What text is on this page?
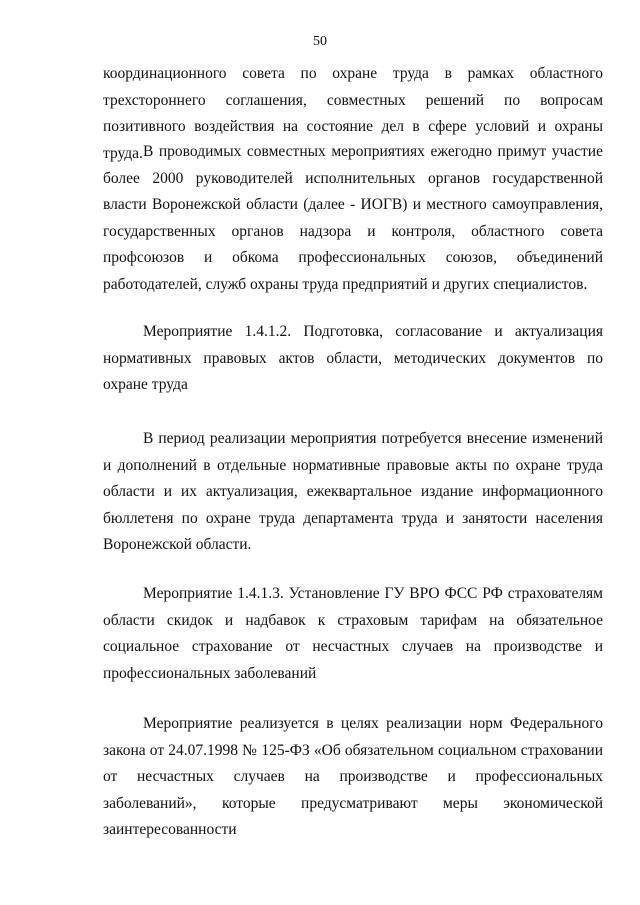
50

координационного совета по охране труда в рамках областного трехстороннего соглашения, совместных решений по вопросам позитивного воздействия на состояние дел в сфере условий и охраны труда. В проводимых совместных мероприятиях ежегодно примут участие более 2000 руководителей исполнительных органов государственной власти Воронежской области (далее - ИОГВ) и местного самоуправления, государственных органов надзора и контроля, областного совета профсоюзов и обкома профессиональных союзов, объединений работодателей, служб охраны труда предприятий и других специалистов.

Мероприятие 1.4.1.2. Подготовка, согласование и актуализация нормативных правовых актов области, методических документов по охране труда

В период реализации мероприятия потребуется внесение изменений и дополнений в отдельные нормативные правовые акты по охране труда области и их актуализация, ежеквартальное издание информационного бюллетеня по охране труда департамента труда и занятости населения Воронежской области.

Мероприятие 1.4.1.3. Установление ГУ ВРО ФСС РФ страхователям области скидок и надбавок к страховым тарифам на обязательное социальное страхование от несчастных случаев на производстве и профессиональных заболеваний

Мероприятие реализуется в целях реализации норм Федерального закона от 24.07.1998 № 125-ФЗ «Об обязательном социальном страховании от несчастных случаев на производстве и профессиональных заболеваний», которые предусматривают меры экономической заинтересованности
